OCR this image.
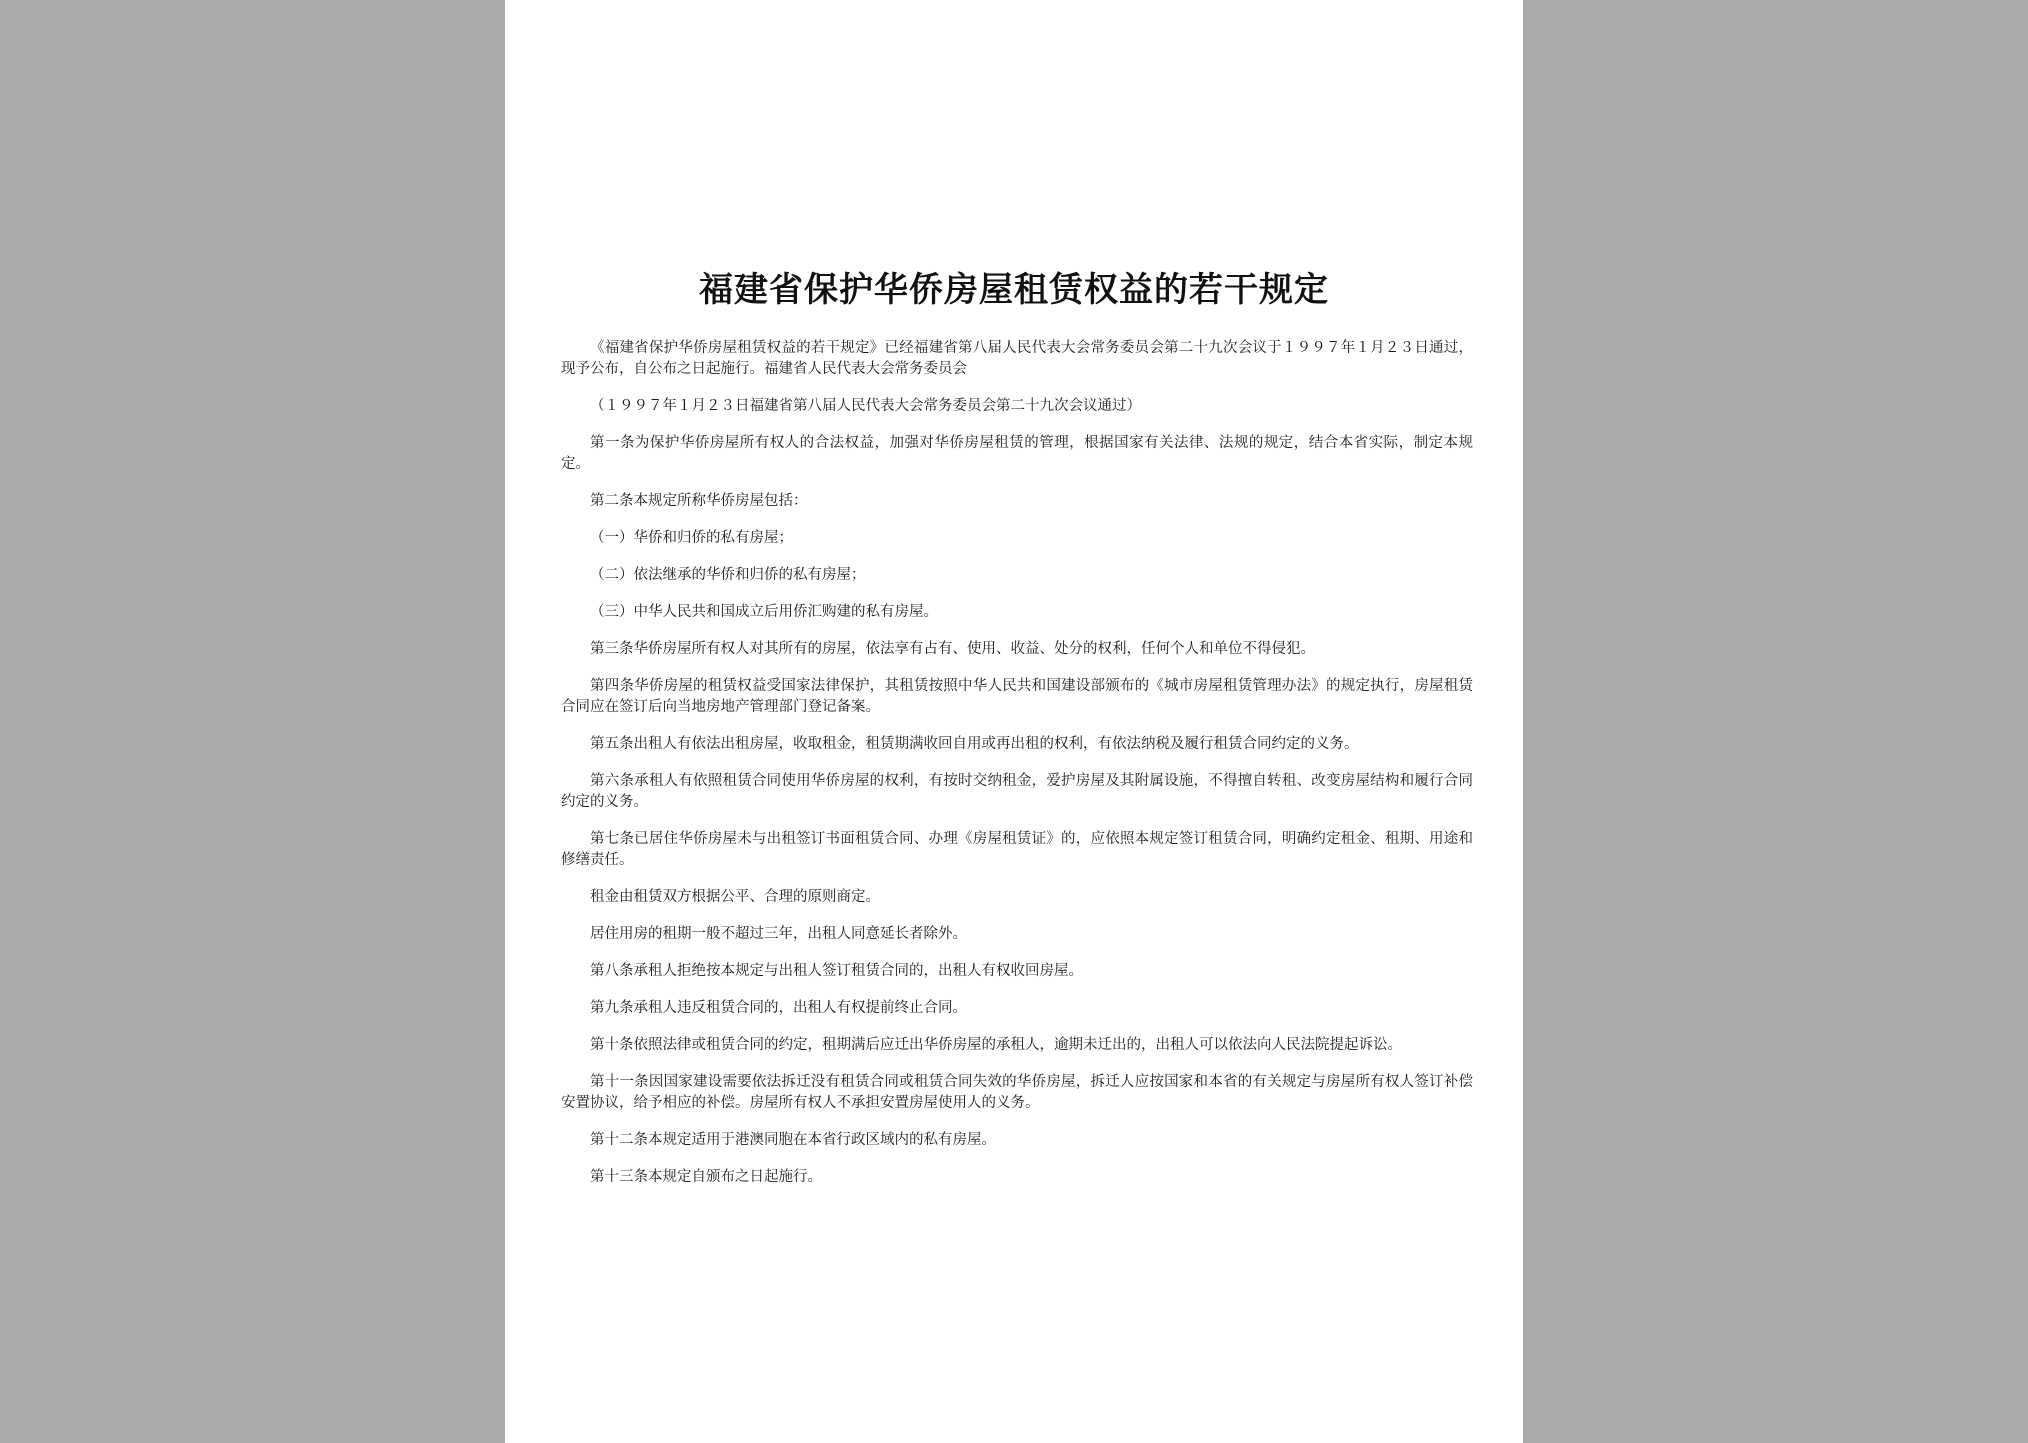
福建省保护华侨房屋租赁权益的若干规定

《福建省保护华侨房屋租赁权益的若干规定》已经福建省第八届人民代表大会常务委员会第二十九次会议于１９９７年１月２３日通过，现予公布，自公布之日起施行。福建省人民代表大会常务委员会

（１９９７年１月２３日福建省第八届人民代表大会常务委员会第二十九次会议通过）

第一条为保护华侨房屋所有权人的合法权益，加强对华侨房屋租赁的管理，根据国家有关法律、法规的规定，结合本省实际，制定本规定。

第二条本规定所称华侨房屋包括：

（一）华侨和归侨的私有房屋；

（二）依法继承的华侨和归侨的私有房屋；

（三）中华人民共和国成立后用侨汇购建的私有房屋。

第三条华侨房屋所有权人对其所有的房屋，依法享有占有、使用、收益、处分的权利，任何个人和单位不得侵犯。

第四条华侨房屋的租赁权益受国家法律保护，其租赁按照中华人民共和国建设部颁布的《城市房屋租赁管理办法》的规定执行，房屋租赁合同应在签订后向当地房地产管理部门登记备案。

第五条出租人有依法出租房屋，收取租金，租赁期满收回自用或再出租的权利，有依法纳税及履行租赁合同约定的义务。

第六条承租人有依照租赁合同使用华侨房屋的权利，有按时交纳租金，爱护房屋及其附属设施，不得擅自转租、改变房屋结构和履行合同约定的义务。

第七条已居住华侨房屋未与出租签订书面租赁合同、办理《房屋租赁证》的，应依照本规定签订租赁合同，明确约定租金、租期、用途和修缮责任。

租金由租赁双方根据公平、合理的原则商定。

居住用房的租期一般不超过三年，出租人同意延长者除外。

第八条承租人拒绝按本规定与出租人签订租赁合同的，出租人有权收回房屋。

第九条承租人违反租赁合同的，出租人有权提前终止合同。

第十条依照法律或租赁合同的约定，租期满后应迁出华侨房屋的承租人，逾期未迁出的，出租人可以依法向人民法院提起诉讼。

第十一条因国家建设需要依法拆迁没有租赁合同或租赁合同失效的华侨房屋，拆迁人应按国家和本省的有关规定与房屋所有权人签订补偿安置协议，给予相应的补偿。房屋所有权人不承担安置房屋使用人的义务。

第十二条本规定适用于港澳同胞在本省行政区域内的私有房屋。

第十三条本规定自颁布之日起施行。
